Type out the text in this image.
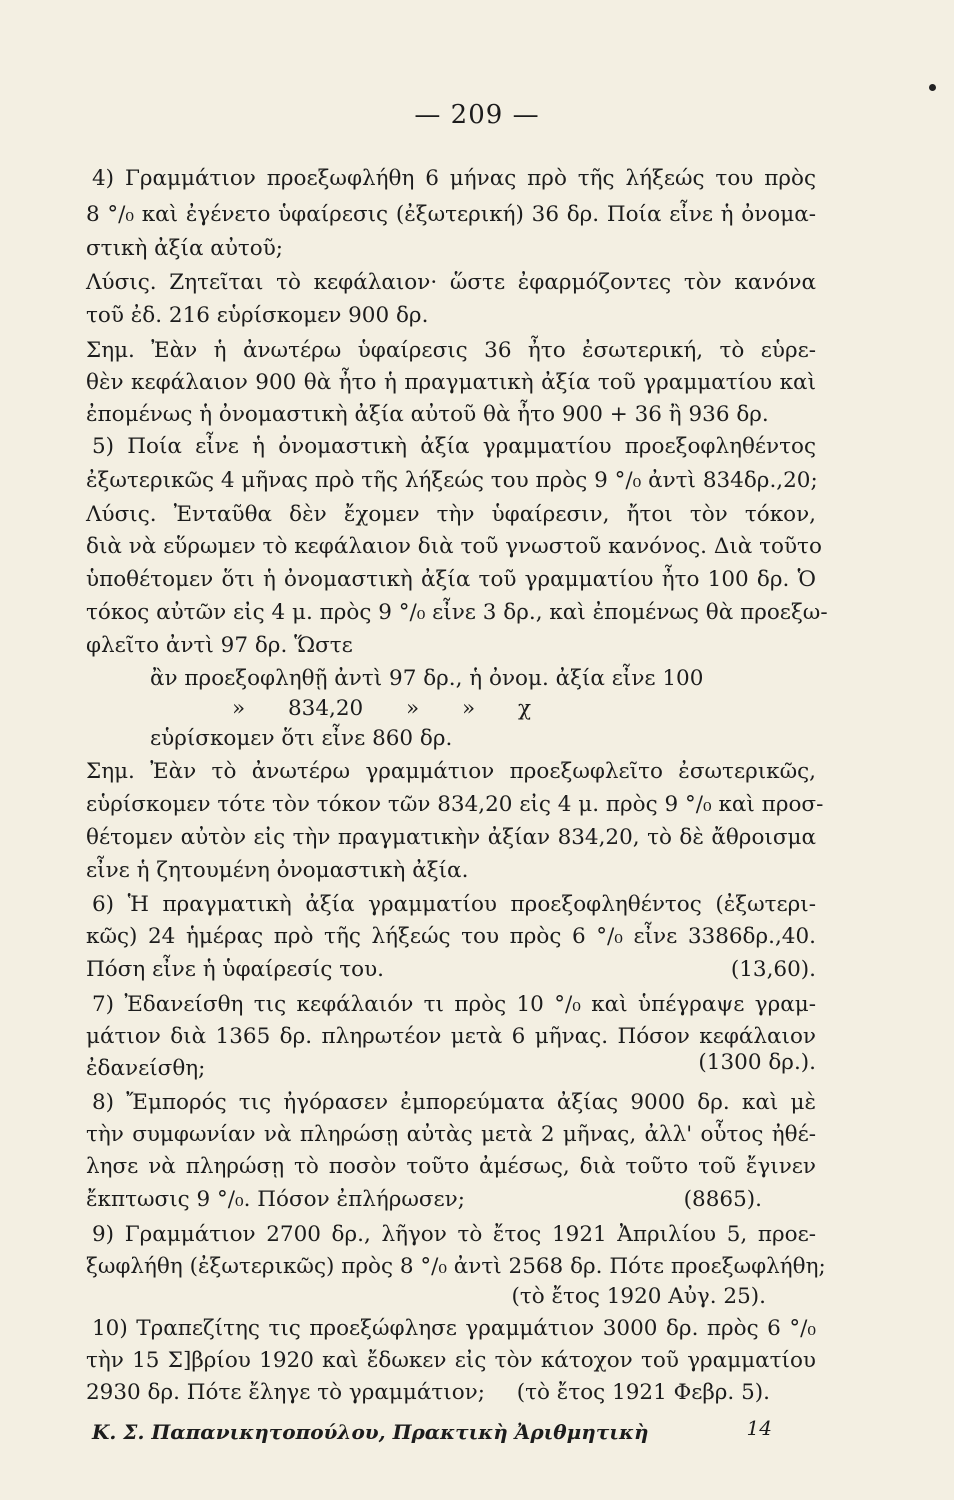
— 209 —
4) Γραμμάτιον προεξωφλήθη 6 μήνας πρὸ τῆς λήξεώς του πρὸς
8 °/₀ καὶ ἐγένετο ὑφαίρεσις (ἐξωτερική) 36 δρ. Ποία εἶνε ἡ ὀνομα-
στικὴ ἀξία αὐτοῦ;
Λύσις. Ζητεῖται τὸ κεφάλαιον· ὥστε ἐφαρμόζοντες τὸν κανόνα
τοῦ ἐδ. 216 εὑρίσκομεν 900 δρ.
Σημ. Ἐὰν ἡ ἀνωτέρω ὑφαίρεσις 36 ἦτο ἐσωτερική, τὸ εὑρε-
θὲν κεφάλαιον 900 θὰ ἦτο ἡ πραγματικὴ ἀξία τοῦ γραμματίου καὶ
ἐπομένως ἡ ὀνομαστικὴ ἀξία αὐτοῦ θὰ ἦτο 900 + 36 ἢ 936 δρ.
5) Ποία εἶνε ἡ ὀνομαστικὴ ἀξία γραμματίου προεξοφληθέντος
ἐξωτερικῶς 4 μῆνας πρὸ τῆς λήξεώς του πρὸς 9 °/₀ ἀντὶ 834δρ.,20;
Λύσις. Ἐνταῦθα δὲν ἔχομεν τὴν ὑφαίρεσιν, ἤτοι τὸν τόκον,
διὰ νὰ εὕρωμεν τὸ κεφάλαιον διὰ τοῦ γνωστοῦ κανόνος. Διὰ τοῦτο
ὑποθέτομεν ὅτι ἡ ὀνομαστικὴ ἀξία τοῦ γραμματίου ἦτο 100 δρ. Ὁ
τόκος αὐτῶν εἰς 4 μ. πρὸς 9 °/₀ εἶνε 3 δρ., καὶ ἐπομένως θὰ προεξω-
φλεῖτο ἀντὶ 97 δρ. Ὥστε
ἂν προεξοφληθῇ ἀντὶ 97 δρ., ἡ ὀνομ. ἀξία εἶνε 100
» 834,20 » » χ
εὑρίσκομεν ὅτι εἶνε 860 δρ.
Σημ. Ἐὰν τὸ ἀνωτέρω γραμμάτιον προεξωφλεῖτο ἐσωτερικῶς,
εὑρίσκομεν τότε τὸν τόκον τῶν 834,20 εἰς 4 μ. πρὸς 9 °/₀ καὶ προσ-
θέτομεν αὐτὸν εἰς τὴν πραγματικὴν ἀξίαν 834,20, τὸ δὲ ἄθροισμα
εἶνε ἡ ζητουμένη ὀνομαστικὴ ἀξία.
6) Ἡ πραγματικὴ ἀξία γραμματίου προεξοφληθέντος (ἐξωτερι-
κῶς) 24 ἡμέρας πρὸ τῆς λήξεώς του πρὸς 6 °/₀ εἶνε 3386δρ.,40.
Πόση εἶνε ἡ ὑφαίρεσίς του.	(13,60).
7) Ἐδανείσθη τις κεφάλαιόν τι πρὸς 10 °/₀ καὶ ὑπέγραψε γραμ-
μάτιον διὰ 1365 δρ. πληρωτέον μετὰ 6 μῆνας. Πόσον κεφάλαιον
ἐδανείσθη;	(1300 δρ.).
8) Ἔμπορός τις ἠγόρασεν ἐμπορεύματα ἀξίας 9000 δρ. καὶ μὲ
τὴν συμφωνίαν νὰ πληρώσῃ αὐτὰς μετὰ 2 μῆνας, ἀλλ' οὗτος ἠθέ-
λησε νὰ πληρώσῃ τὸ ποσὸν τοῦτο ἀμέσως, διὰ τοῦτο τοῦ ἔγινεν
ἔκπτωσις 9 °/₀. Πόσον ἐπλήρωσεν;	(8865).
9) Γραμμάτιον 2700 δρ., λῆγον τὸ ἔτος 1921 Ἀπριλίου 5, προε-
ξωφλήθη (ἐξωτερικῶς) πρὸς 8 °/₀ ἀντὶ 2568 δρ. Πότε προεξωφλήθη;
(τὸ ἔτος 1920 Αὐγ. 25).
10) Τραπεζίτης τις προεξώφλησε γραμμάτιον 3000 δρ. πρὸς 6 °/₀
τὴν 15 Σ]βρίου 1920 καὶ ἔδωκεν εἰς τὸν κάτοχον τοῦ γραμματίου
2930 δρ. Πότε ἔληγε τὸ γραμμάτιον;	(τὸ ἔτος 1921 Φεβρ. 5).
Κ. Σ. Παπανικητοπούλου, Πρακτικὴ Ἀριθμητικὴ	14
